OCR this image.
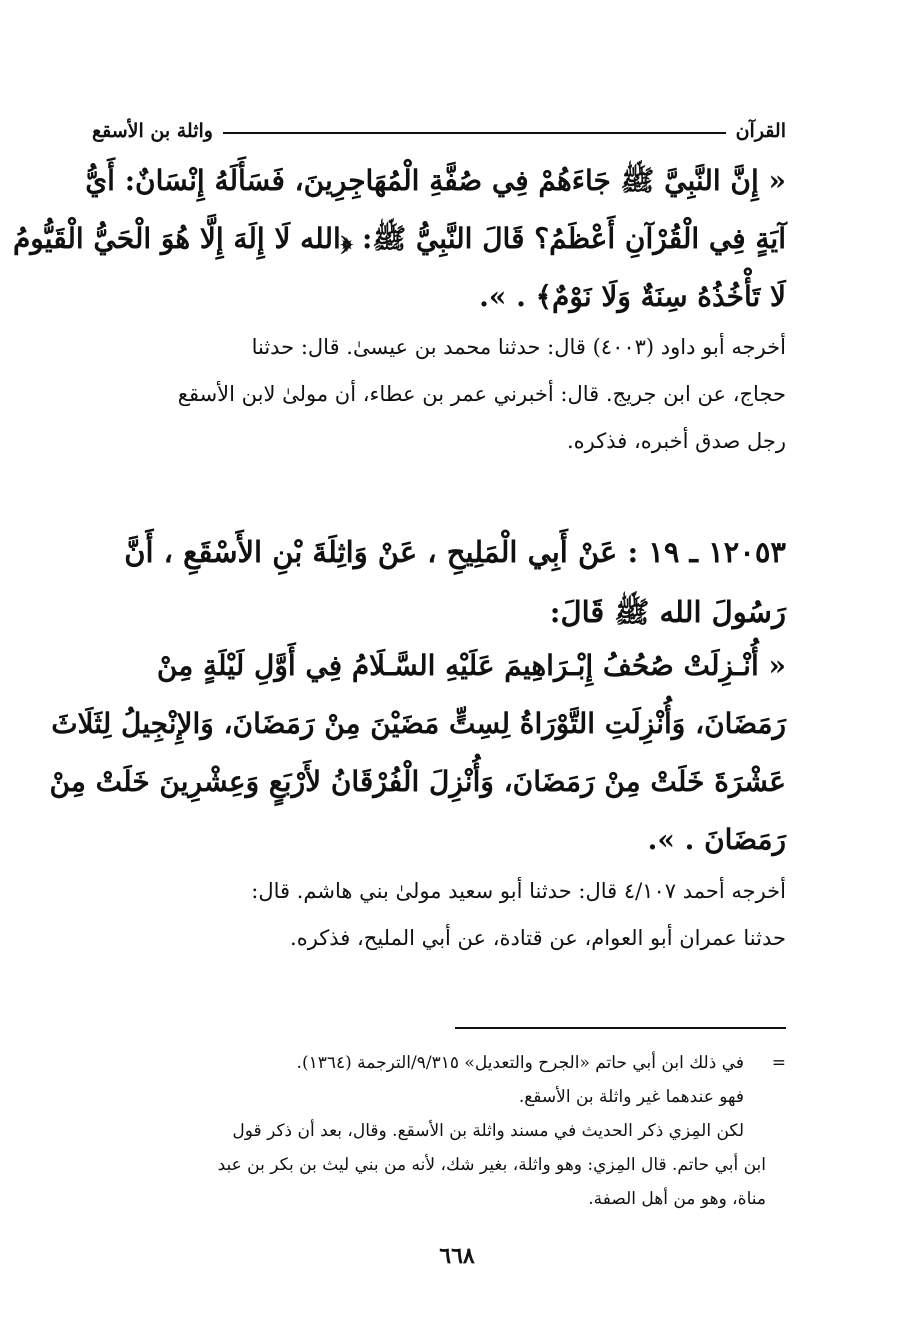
القرآن
واثلة بن الأسقع
« إِنَّ النَّبِيَّ ﷺ جَاءَهُمْ فِي صُفَّةِ الْمُهَاجِرِينَ، فَسَأَلَهُ إِنْسَانٌ: أَيُّ
آيَةٍ فِي الْقُرْآنِ أَعْظَمُ؟ قَالَ النَّبِيُّ ﷺ: ﴿الله لَا إِلَهَ إِلَّا هُوَ الْحَيُّ الْقَيُّومُ
لَا تَأْخُذُهُ سِنَةٌ وَلَا نَوْمٌ﴾ . ».
أخرجه أبو داود (٤٠٠٣) قال: حدثنا محمد بن عيسىٰ. قال: حدثنا
حجاج، عن ابن جريج. قال: أخبرني عمر بن عطاء، أن مولىٰ لابن الأسقع
رجل صدق أخبره، فذكره.
١٢٠٥٣ ـ ١٩ : عَنْ أَبِي الْمَلِيحِ ، عَنْ وَاثِلَةَ بْنِ الأَسْقَعِ ، أَنَّ
رَسُولَ الله ﷺ قَالَ:
« أُنْـزِلَتْ صُحُفُ إِبْـرَاهِيمَ عَلَيْهِ السَّـلَامُ فِي أَوَّلِ لَيْلَةٍ مِنْ
رَمَضَانَ، وَأُنْزِلَتِ التَّوْرَاةُ لِسِتٍّ مَضَيْنَ مِنْ رَمَضَانَ، وَالإِنْجِيلُ لِثَلَاثَ
عَشْرَةَ خَلَتْ مِنْ رَمَضَانَ، وَأُنْزِلَ الْفُرْقَانُ لأَرْبَعٍ وَعِشْرِينَ خَلَتْ مِنْ
رَمَضَانَ . ».
أخرجه أحمد ٤/١٠٧ قال: حدثنا أبو سعيد مولىٰ بني هاشم. قال:
حدثنا عمران أبو العوام، عن قتادة، عن أبي المليح، فذكره.
=
في ذلك ابن أبي حاتم «الجرح والتعديل» ٩/٣١٥/الترجمة (١٣٦٤).
فهو عندهما غير واثلة بن الأسقع.
لكن المِزي ذكر الحديث في مسند واثلة بن الأسقع. وقال، بعد أن ذكر قول
ابن أبي حاتم. قال المِزي: وهو واثلة، بغير شك، لأنه من بني ليث بن بكر بن عبد
مناة، وهو من أهل الصفة.
٦٦٨
